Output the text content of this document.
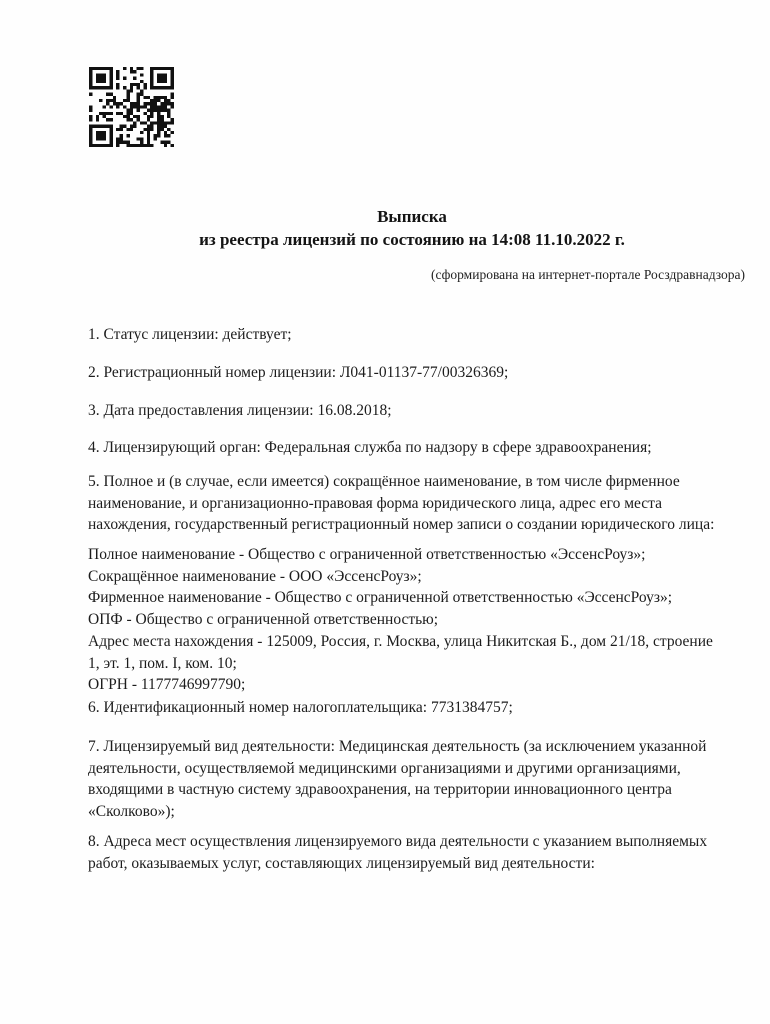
Выписка
из реестра лицензий по состоянию на 14:08 11.10.2022 г.
(сформирована на интернет-портале Росздравнадзора)
1. Статус лицензии: действует;
2. Регистрационный номер лицензии: Л041-01137-77/00326369;
3. Дата предоставления лицензии: 16.08.2018;
4. Лицензирующий орган: Федеральная служба по надзору в сфере здравоохранения;
5. Полное и (в случае, если имеется) сокращённое наименование, в том числе фирменное наименование, и организационно-правовая форма юридического лица, адрес его места нахождения, государственный регистрационный номер записи о создании юридического лица:
Полное наименование - Общество с ограниченной ответственностью «ЭссенсРоуз»;
Сокращённое наименование - ООО «ЭссенсРоуз»;
Фирменное наименование - Общество с ограниченной ответственностью «ЭссенсРоуз»;
ОПФ - Общество с ограниченной ответственностью;
Адрес места нахождения - 125009, Россия, г. Москва, улица Никитская Б., дом 21/18, строение 1, эт. 1, пом. I, ком. 10;
ОГРН - 1177746997790;
6. Идентификационный номер налогоплательщика: 7731384757;
7. Лицензируемый вид деятельности: Медицинская деятельность (за исключением указанной деятельности, осуществляемой медицинскими организациями и другими организациями, входящими в частную систему здравоохранения, на территории инновационного центра «Сколково»);
8. Адреса мест осуществления лицензируемого вида деятельности с указанием выполняемых работ, оказываемых услуг, составляющих лицензируемый вид деятельности:
